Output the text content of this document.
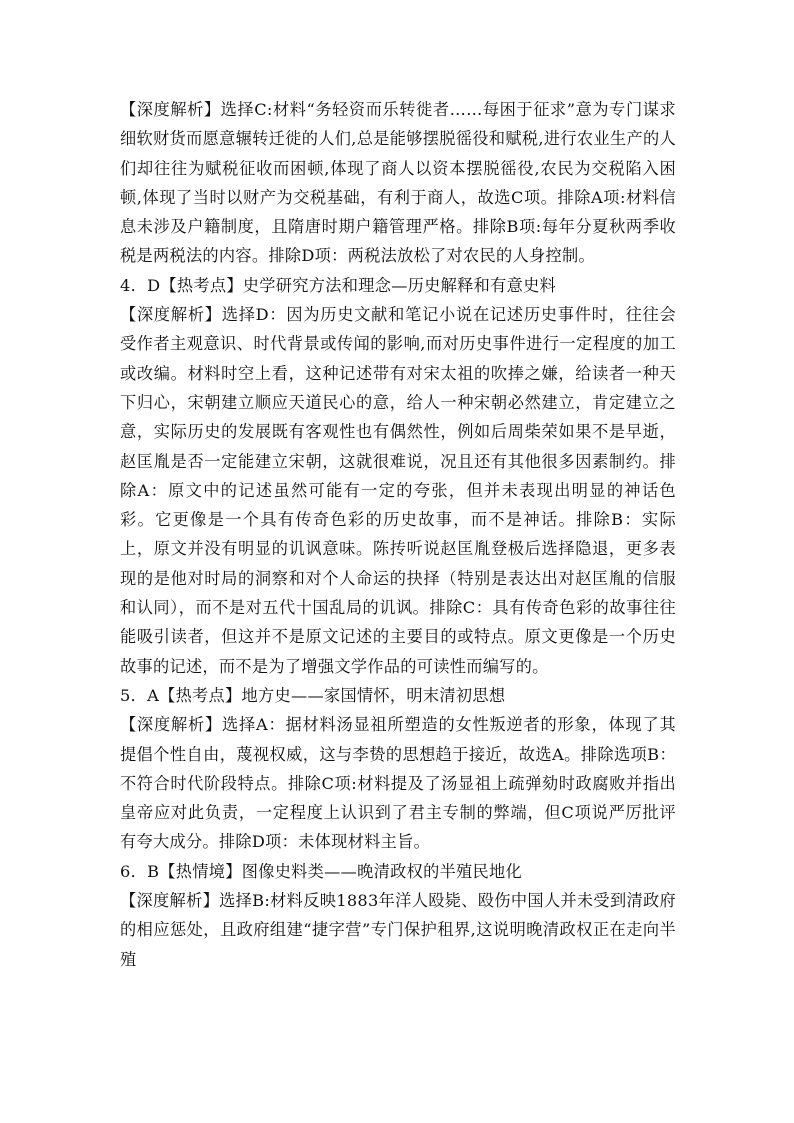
【深度解析】选择C:材料“务轻资而乐转徙者……每困于征求”意为专门谋求细软财货而愿意辗转迁徙的人们,总是能够摆脱徭役和赋税,进行农业生产的人们却往往为赋税征收而困顿,体现了商人以资本摆脱徭役,农民为交税陷入困顿,体现了当时以财产为交税基础，有利于商人，故选C项。排除A项:材料信息未涉及户籍制度，且隋唐时期户籍管理严格。排除B项:每年分夏秋两季收税是两税法的内容。排除D项：两税法放松了对农民的人身控制。

4．D【热考点】史学研究方法和理念—历史解释和有意史料

【深度解析】选择D：因为历史文献和笔记小说在记述历史事件时，往往会受作者主观意识、时代背景或传闻的影响,而对历史事件进行一定程度的加工或改编。材料时空上看，这种记述带有对宋太祖的吹捧之嫌，给读者一种天下归心，宋朝建立顺应天道民心的意，给人一种宋朝必然建立，肯定建立之意，实际历史的发展既有客观性也有偶然性，例如后周柴荣如果不是早逝，赵匡胤是否一定能建立宋朝，这就很难说，况且还有其他很多因素制约。排除A：原文中的记述虽然可能有一定的夸张，但并未表现出明显的神话色彩。它更像是一个具有传奇色彩的历史故事，而不是神话。排除B：实际上，原文并没有明显的讥讽意味。陈抟听说赵匡胤登极后选择隐退，更多表现的是他对时局的洞察和对个人命运的抉择（特别是表达出对赵匡胤的信服和认同），而不是对五代十国乱局的讥讽。排除C：具有传奇色彩的故事往往能吸引读者，但这并不是原文记述的主要目的或特点。原文更像是一个历史故事的记述，而不是为了增强文学作品的可读性而编写的。

5．A【热考点】地方史——家国情怀，明末清初思想

【深度解析】选择A：据材料汤显祖所塑造的女性叛逆者的形象，体现了其提倡个性自由，蔑视权威，这与李贽的思想趋于接近，故选A。排除选项B：不符合时代阶段特点。排除C项:材料提及了汤显祖上疏弹劾时政腐败并指出皇帝应对此负责，一定程度上认识到了君主专制的弊端，但C项说严厉批评有夸大成分。排除D项：未体现材料主旨。

6．B【热情境】图像史料类——晚清政权的半殖民地化

【深度解析】选择B:材料反映1883年洋人殴毙、殴伤中国人并未受到清政府的相应惩处，且政府组建“捷字营”专门保护租界,这说明晚清政权正在走向半殖
